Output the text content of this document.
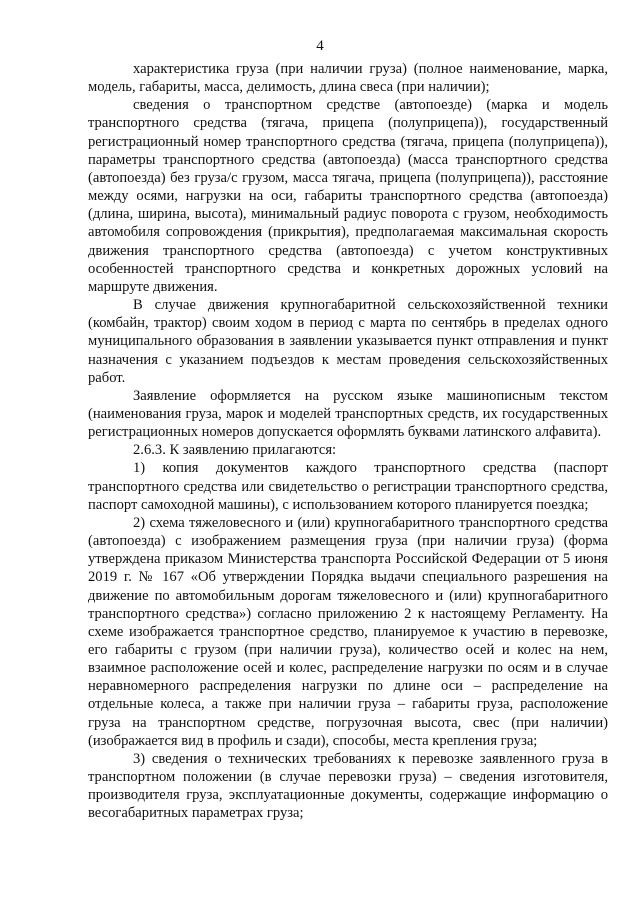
4

характеристика груза (при наличии груза) (полное наименование, марка, модель, габариты, масса, делимость, длина свеса (при наличии);

сведения о транспортном средстве (автопоезде) (марка и модель транспортного средства (тягача, прицепа (полуприцепа)), государственный регистрационный номер транспортного средства (тягача, прицепа (полуприцепа)), параметры транспортного средства (автопоезда) (масса транспортного средства (автопоезда) без груза/с грузом, масса тягача, прицепа (полуприцепа)), расстояние между осями, нагрузки на оси, габариты транспортного средства (автопоезда) (длина, ширина, высота), минимальный радиус поворота с грузом, необходимость автомобиля сопровождения (прикрытия), предполагаемая максимальная скорость движения транспортного средства (автопоезда) с учетом конструктивных особенностей транспортного средства и конкретных дорожных условий на маршруте движения.

В случае движения крупногабаритной сельскохозяйственной техники (комбайн, трактор) своим ходом в период с марта по сентябрь в пределах одного муниципального образования в заявлении указывается пункт отправления и пункт назначения с указанием подъездов к местам проведения сельскохозяйственных работ.

Заявление оформляется на русском языке машинописным текстом (наименования груза, марок и моделей транспортных средств, их государственных регистрационных номеров допускается оформлять буквами латинского алфавита).

2.6.3. К заявлению прилагаются:

1) копия документов каждого транспортного средства (паспорт транспортного средства или свидетельство о регистрации транспортного средства, паспорт самоходной машины), с использованием которого планируется поездка;

2) схема тяжеловесного и (или) крупногабаритного транспортного средства (автопоезда) с изображением размещения груза (при наличии груза) (форма утверждена приказом Министерства транспорта Российской Федерации от 5 июня 2019 г. № 167 «Об утверждении Порядка выдачи специального разрешения на движение по автомобильным дорогам тяжеловесного и (или) крупногабаритного транспортного средства») согласно приложению 2 к настоящему Регламенту. На схеме изображается транспортное средство, планируемое к участию в перевозке, его габариты с грузом (при наличии груза), количество осей и колес на нем, взаимное расположение осей и колес, распределение нагрузки по осям и в случае неравномерного распределения нагрузки по длине оси – распределение на отдельные колеса, а также при наличии груза – габариты груза, расположение груза на транспортном средстве, погрузочная высота, свес (при наличии) (изображается вид в профиль и сзади), способы, места крепления груза;

3) сведения о технических требованиях к перевозке заявленного груза в транспортном положении (в случае перевозки груза) – сведения изготовителя, производителя груза, эксплуатационные документы, содержащие информацию о весогабаритных параметрах груза;
